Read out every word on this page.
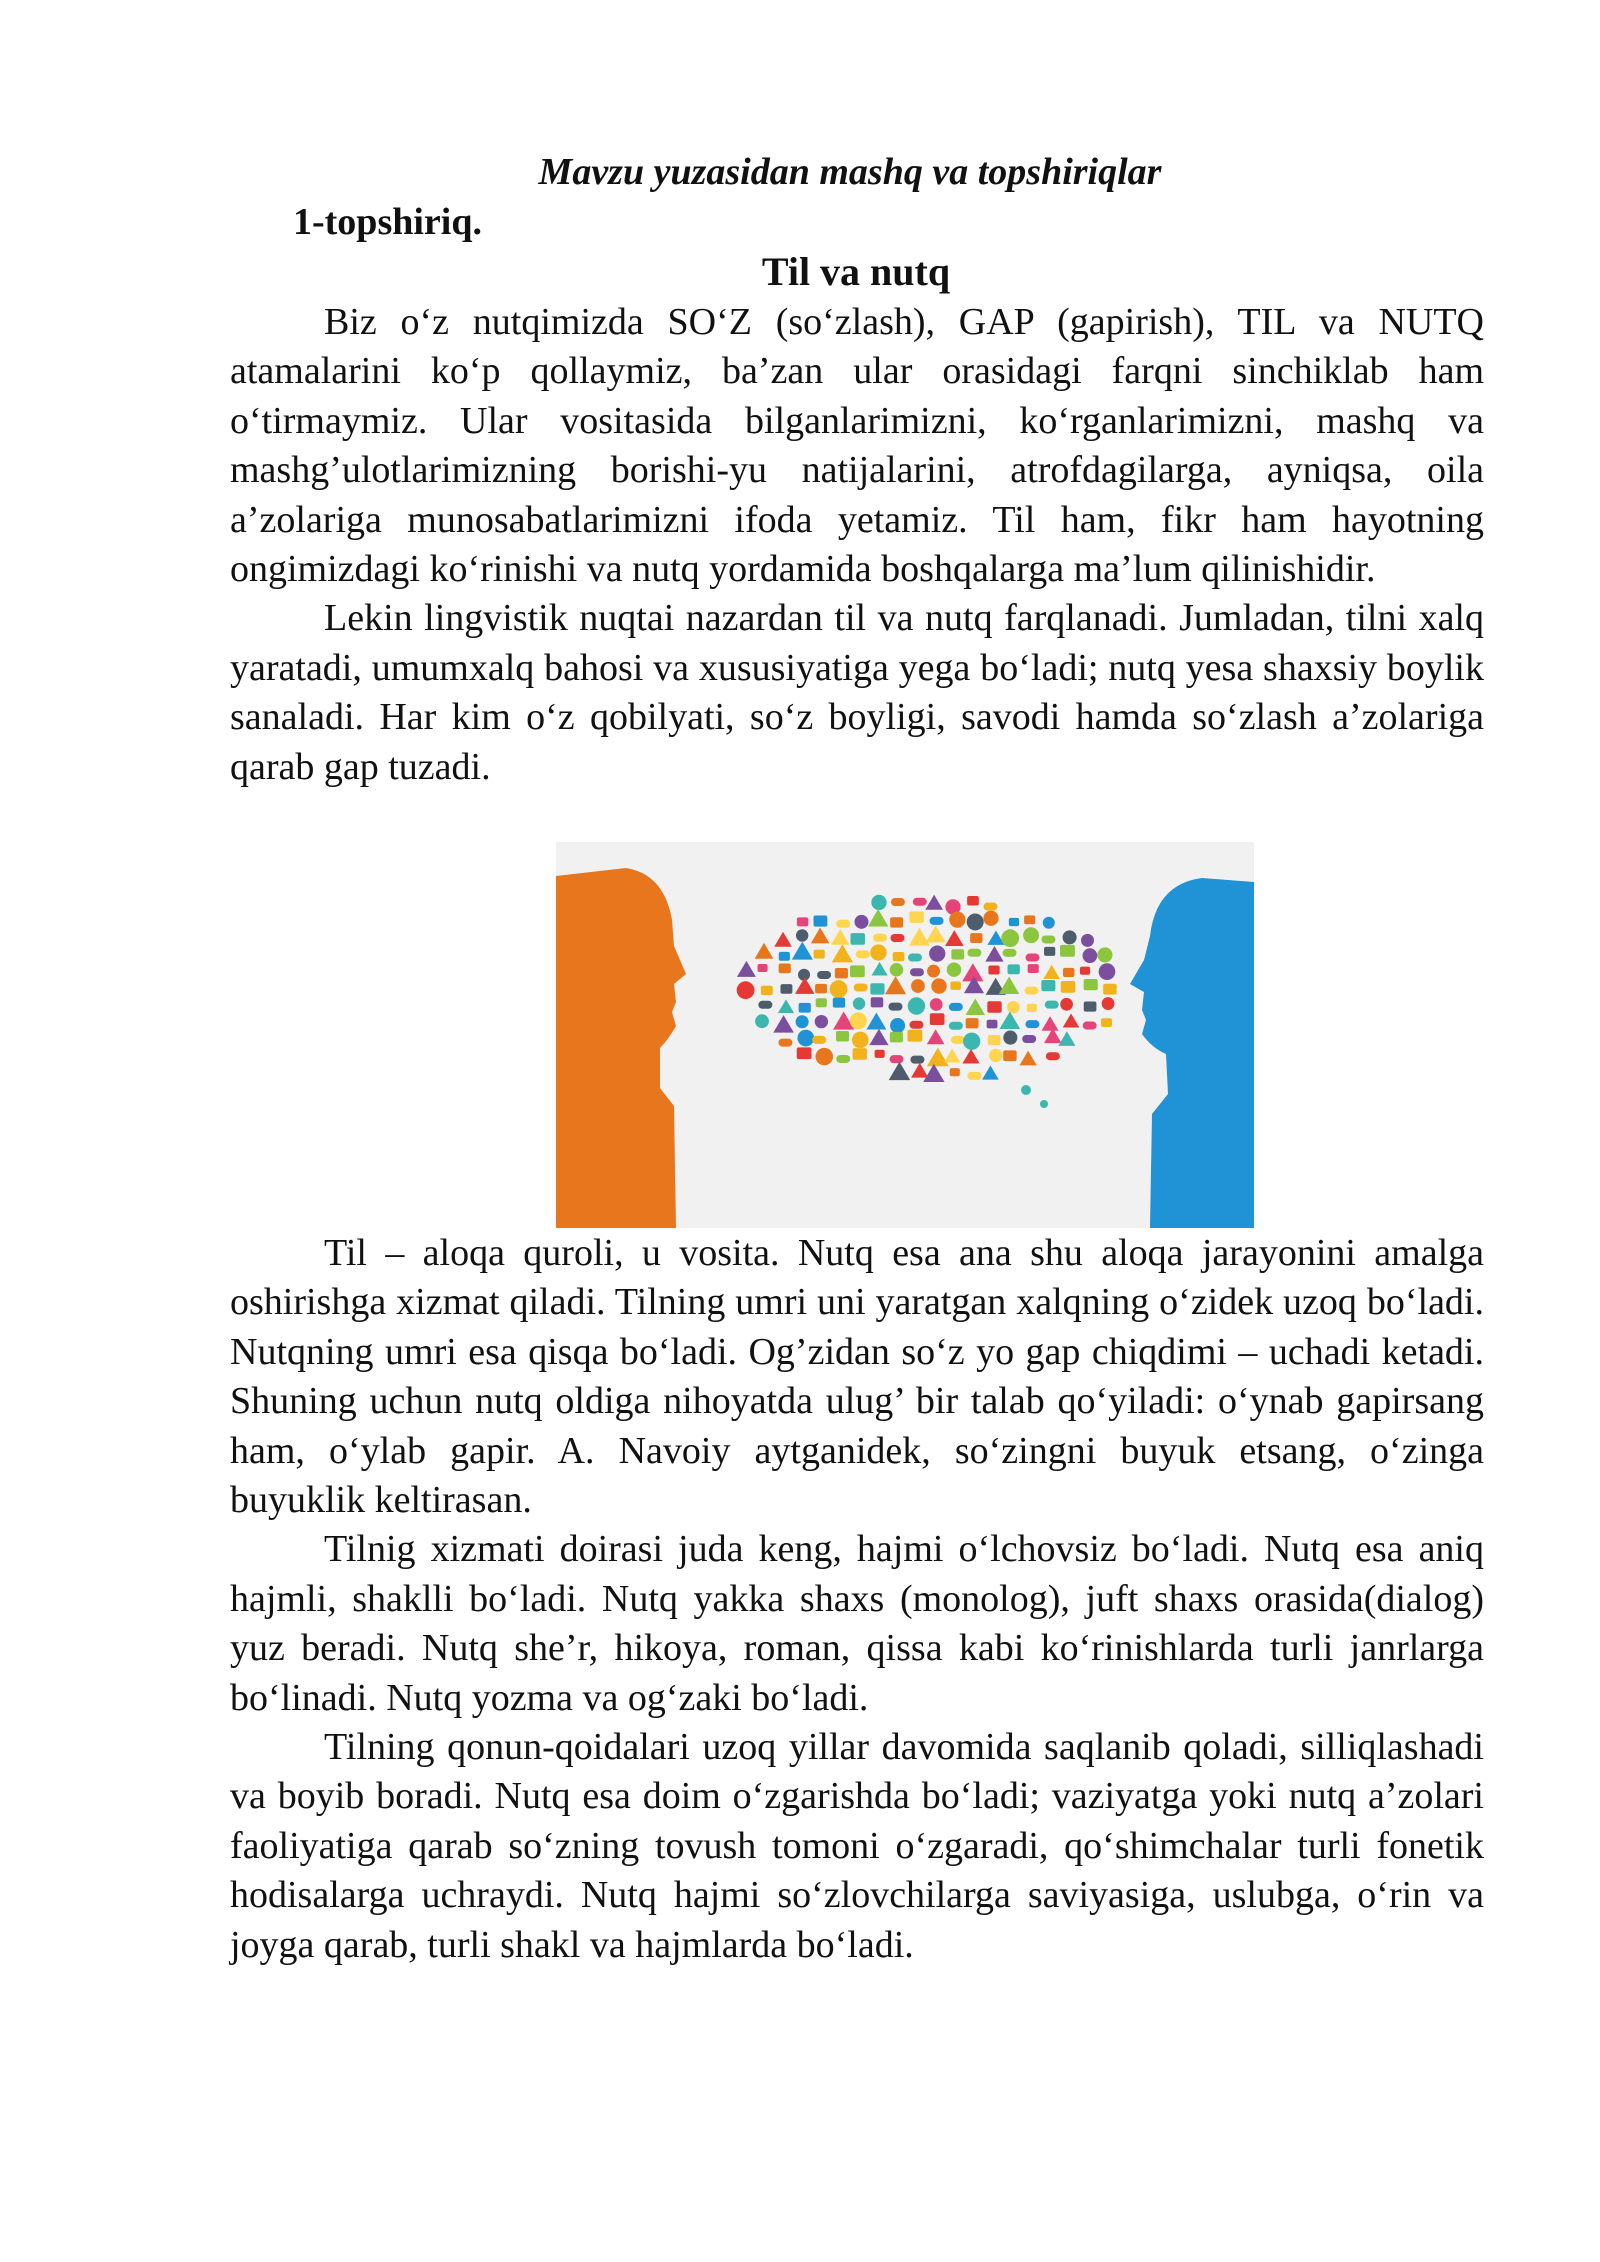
Mavzu yuzasidan mashq va topshiriqlar
1-topshiriq.
Til va nutq

Biz o‘z nutqimizda SO‘Z (so‘zlash), GAP (gapirish), TIL va NUTQ atamalarini ko‘p qollaymiz, ba’zan ular orasidagi farqni sinchiklab ham o‘tirmaymiz. Ular vositasida bilganlarimizni, ko‘rganlarimizni, mashq va mashg’ulotlarimizning borishi-yu natijalarini, atrofdagilarga, ayniqsa, oila a’zolariga munosabatlarimizni ifoda yetamiz. Til ham, fikr ham hayotning ongimizdagi ko‘rinishi va nutq yordamida boshqalarga ma’lum qilinishidir.

Lekin lingvistik nuqtai nazardan til va nutq farqlanadi. Jumladan, tilni xalq yaratadi, umumxalq bahosi va xususiyatiga yega bo‘ladi; nutq yesa shaxsiy boylik sanaladi. Har kim o‘z qobilyati, so‘z boyligi, savodi hamda so‘zlash a’zolariga qarab gap tuzadi.

Til – aloqa quroli, u vosita. Nutq esa ana shu aloqa jarayonini amalga oshirishga xizmat qiladi. Tilning umri uni yaratgan xalqning o‘zidek uzoq bo‘ladi. Nutqning umri esa qisqa bo‘ladi. Og’zidan so‘z yo gap chiqdimi – uchadi ketadi. Shuning uchun nutq oldiga nihoyatda ulug’ bir talab qo‘yiladi: o‘ynab gapirsang ham, o‘ylab gapir. A. Navoiy aytganidek, so‘zingni buyuk etsang, o‘zinga buyuklik keltirasan.

Tilnig xizmati doirasi juda keng, hajmi o‘lchovsiz bo‘ladi. Nutq esa aniq hajmli, shaklli bo‘ladi. Nutq yakka shaxs (monolog), juft shaxs orasida(dialog) yuz beradi. Nutq she’r, hikoya, roman, qissa kabi ko‘rinishlarda turli janrlarga bo‘linadi. Nutq yozma va og‘zaki bo‘ladi.

Tilning qonun-qoidalari uzoq yillar davomida saqlanib qoladi, silliqlashadi va boyib boradi. Nutq esa doim o‘zgarishda bo‘ladi; vaziyatga yoki nutq a’zolari faoliyatiga qarab so‘zning tovush tomoni o‘zgaradi, qo‘shimchalar turli fonetik hodisalarga uchraydi. Nutq hajmi so‘zlovchilarga saviyasiga, uslubga, o‘rin va joyga qarab, turli shakl va hajmlarda bo‘ladi.
